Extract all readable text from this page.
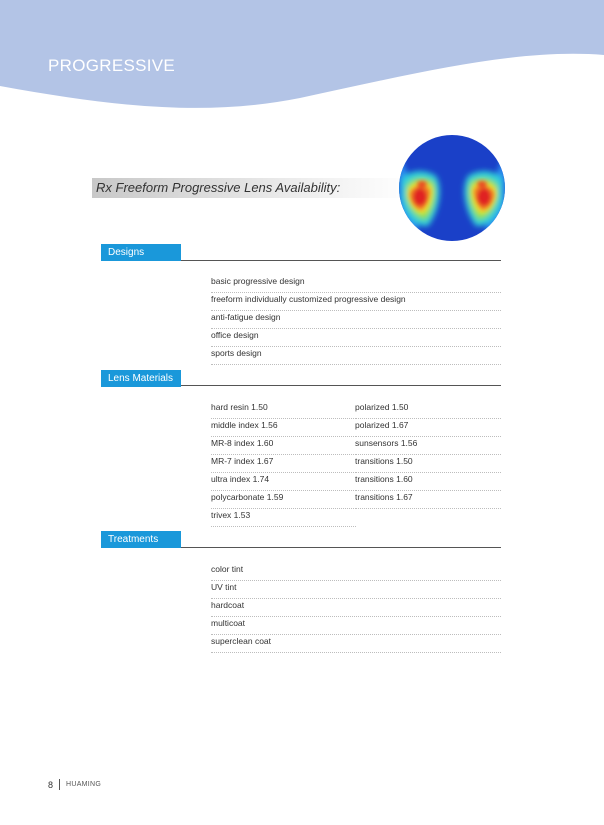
PROGRESSIVE
Rx Freeform Progressive Lens Availability:
Designs
basic progressive design
freeform individually customized progressive design
anti-fatigue design
office design
sports design
Lens Materials
hard resin 1.50
middle index 1.56
MR-8 index 1.60
MR-7 index 1.67
ultra index 1.74
polycarbonate 1.59
trivex 1.53
polarized 1.50
polarized 1.67
sunsensors 1.56
transitions 1.50
transitions 1.60
transitions 1.67
Treatments
color tint
UV tint
hardcoat
multicoat
superclean coat
8 HUAMING
